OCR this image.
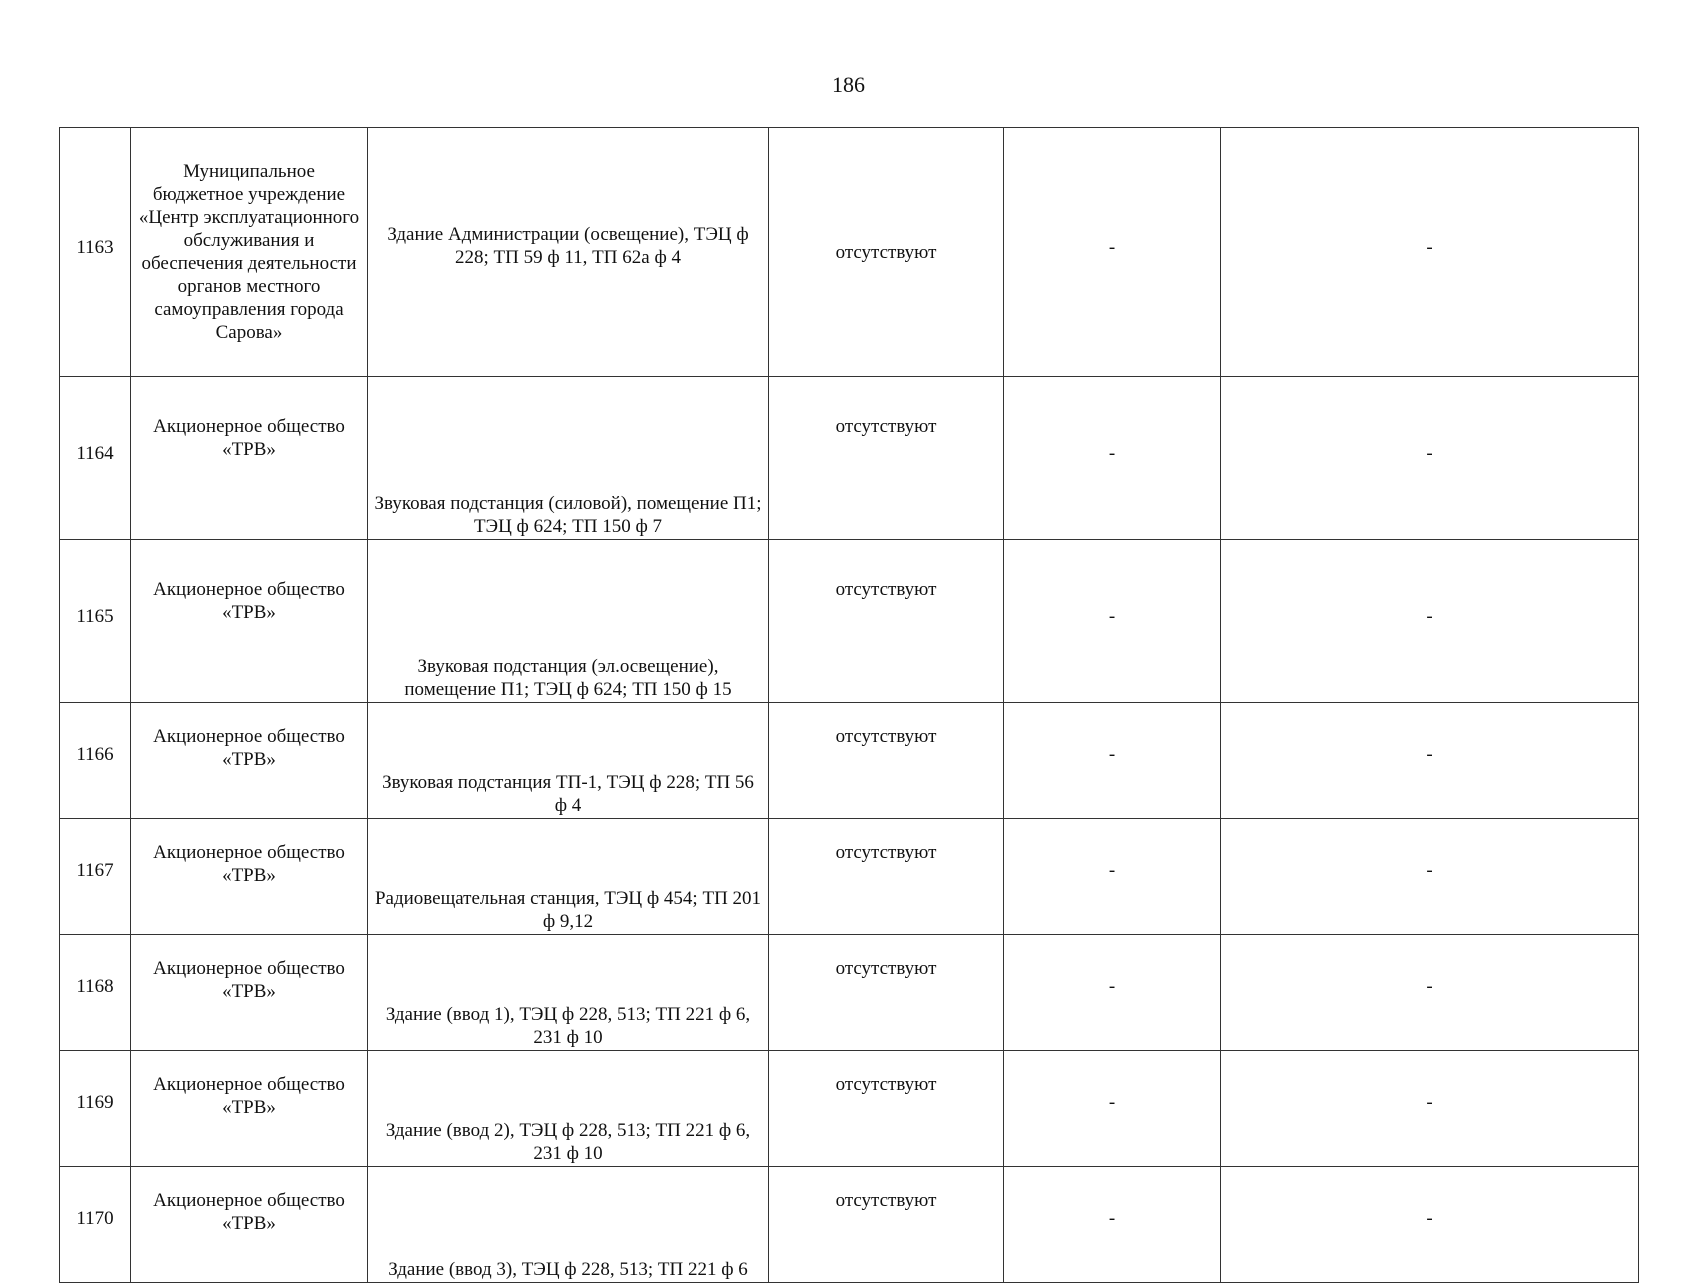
186
1163	Муниципальное бюджетное учреждение «Центр эксплуатационного обслуживания и обеспечения деятельности органов местного самоуправления города Сарова»	Здание Администрации (освещение), ТЭЦ ф 228; ТП 59 ф 11, ТП 62а ф 4	отсутствуют	-	-
1164	Акционерное общество «ТРВ»	Звуковая подстанция (силовой), помещение П1; ТЭЦ ф 624; ТП 150 ф 7	отсутствуют	-	-
1165	Акционерное общество «ТРВ»	Звуковая подстанция (эл.освещение), помещение П1; ТЭЦ ф 624; ТП 150 ф 15	отсутствуют	-	-
1166	Акционерное общество «ТРВ»	Звуковая подстанция ТП-1, ТЭЦ ф 228; ТП 56 ф 4	отсутствуют	-	-
1167	Акционерное общество «ТРВ»	Радиовещательная станция, ТЭЦ ф 454; ТП 201 ф 9,12	отсутствуют	-	-
1168	Акционерное общество «ТРВ»	Здание (ввод 1), ТЭЦ ф 228, 513; ТП 221 ф 6, 231 ф 10	отсутствуют	-	-
1169	Акционерное общество «ТРВ»	Здание (ввод 2), ТЭЦ ф 228, 513; ТП 221 ф 6, 231 ф 10	отсутствуют	-	-
1170	Акционерное общество «ТРВ»	Здание (ввод 3), ТЭЦ ф 228, 513; ТП 221 ф 6	отсутствуют	-	-
